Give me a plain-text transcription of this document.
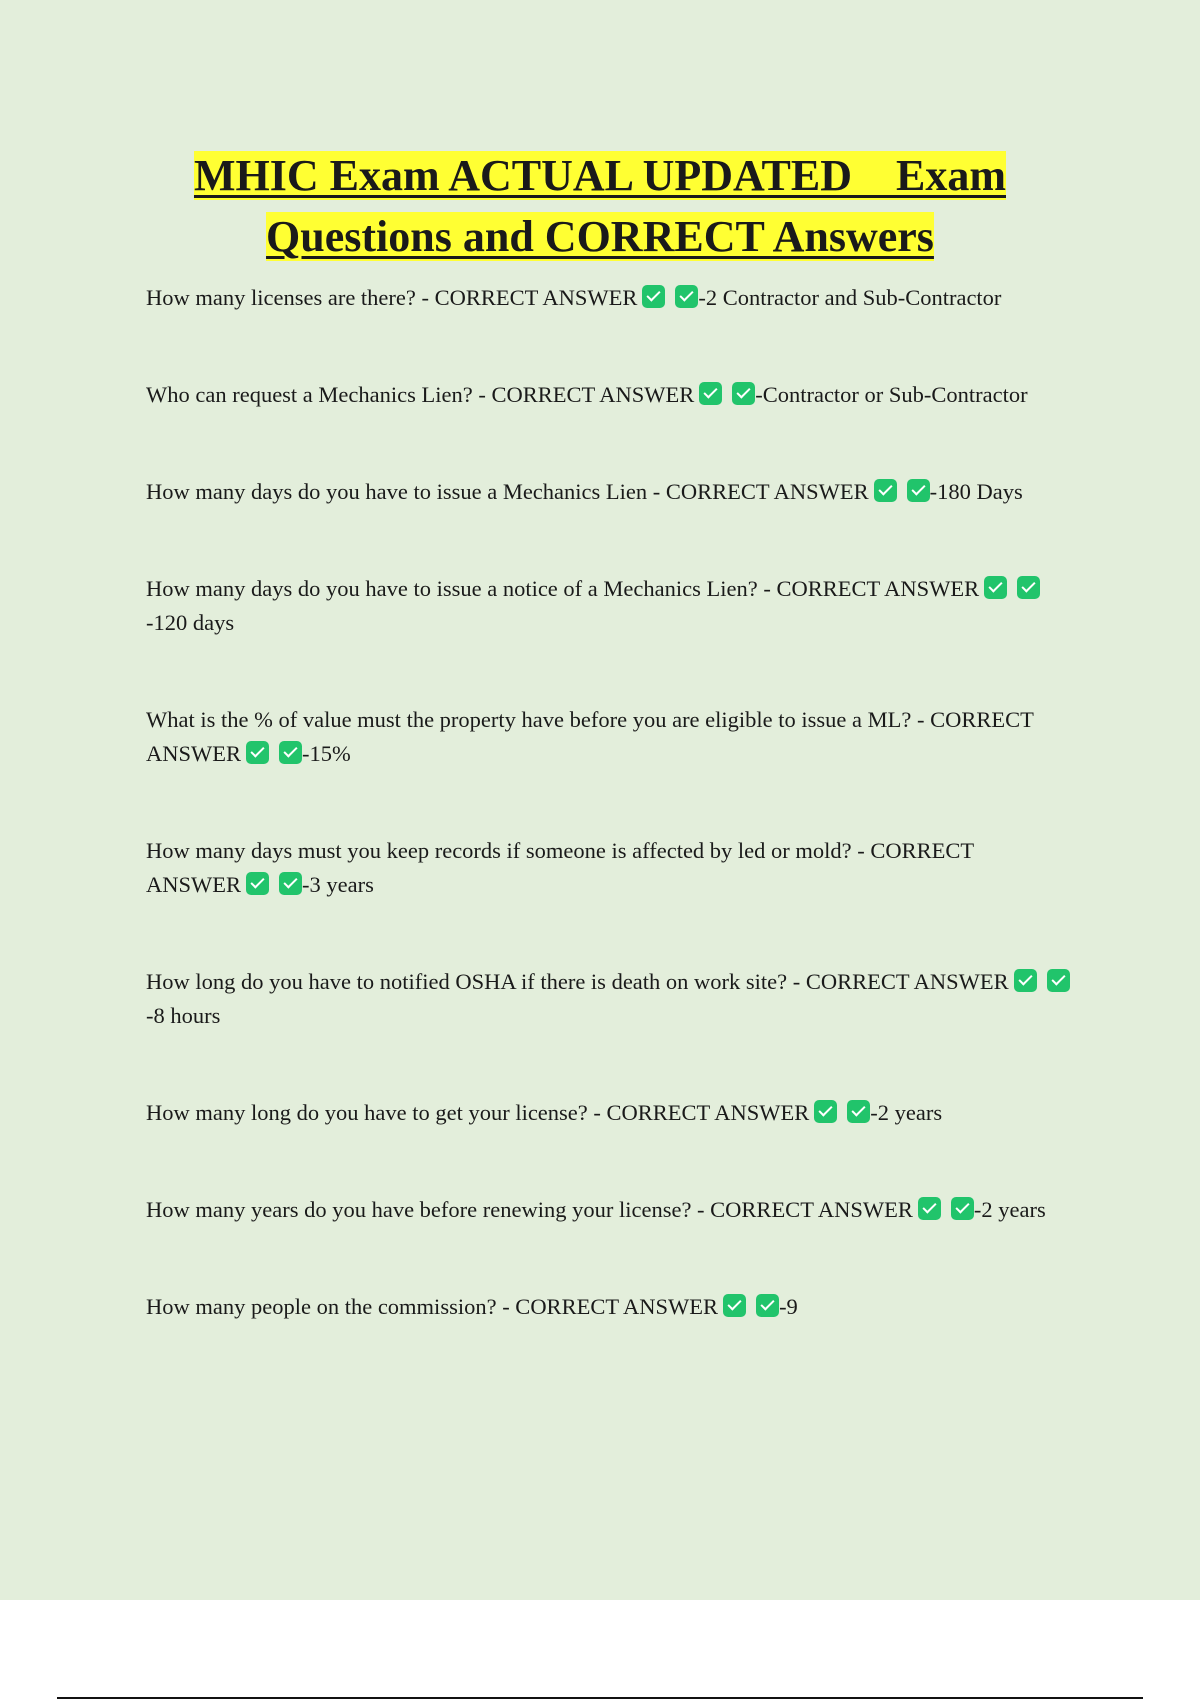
MHIC Exam ACTUAL UPDATED    Exam
Questions and CORRECT Answers

How many licenses are there? - CORRECT ANSWER	-2 Contractor and Sub-Contractor

Who can request a Mechanics Lien? - CORRECT ANSWER	-Contractor or Sub-Contractor

How many days do you have to issue a Mechanics Lien - CORRECT ANSWER	-180 Days

How many days do you have to issue a notice of a Mechanics Lien? - CORRECT ANSWER-120 days

What is the % of value must the property have before you are eligible to issue a ML? - CORRECT ANSWER	-15%

How many days must you keep records if someone is affected by led or mold? - CORRECT ANSWER	-3 years

How long do you have to notified OSHA if there is death on work site? - CORRECT ANSWER-8 hours

How many long do you have to get your license? - CORRECT ANSWER	-2 years

How many years do you have before renewing your license? - CORRECT ANSWER	-2 years

How many people on the commission? - CORRECT ANSWER	-9
